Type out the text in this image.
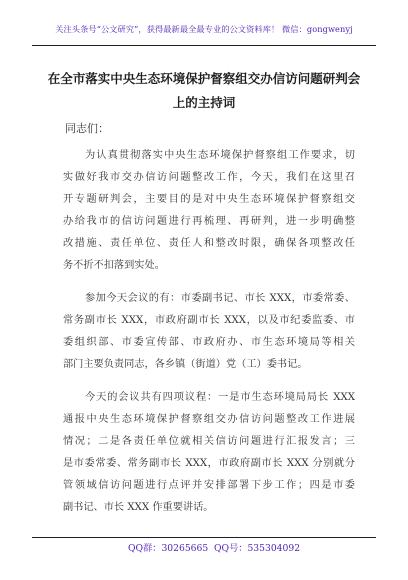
关注头条号“公文研究”，获得最新最全最专业的公文资料库！ 微信：gongwenyj
在全市落实中央生态环境保护督察组交办信访问题研判会
上的主持词
同志们：
为认真贯彻落实中央生态环境保护督察组工作要求，切
实做好我市交办信访问题整改工作，今天，我们在这里召
开专题研判会，主要目的是对中央生态环境保护督察组交
办给我市的信访问题进行再梳理、再研判，进一步明确整
改措施、责任单位、责任人和整改时限，确保各项整改任
务不折不扣落到实处。
参加今天会议的有：市委副书记、市长 XXX，市委常委、
常务副市长 XXX，市政府副市长 XXX，以及市纪委监委、市
委组织部、市委宣传部、市政府办、市生态环境局等相关
部门主要负责同志，各乡镇（街道）党（工）委书记。
今天的会议共有四项议程：一是市生态环境局局长 XXX
通报中央生态环境保护督察组交办信访问题整改工作进展
情况；二是各责任单位就相关信访问题进行汇报发言；三
是市委常委、常务副市长 XXX，市政府副市长 XXX 分别就分
管领域信访问题进行点评并安排部署下步工作；四是市委
副书记、市长 XXX 作重要讲话。
QQ群：30265665 QQ号：535304092
